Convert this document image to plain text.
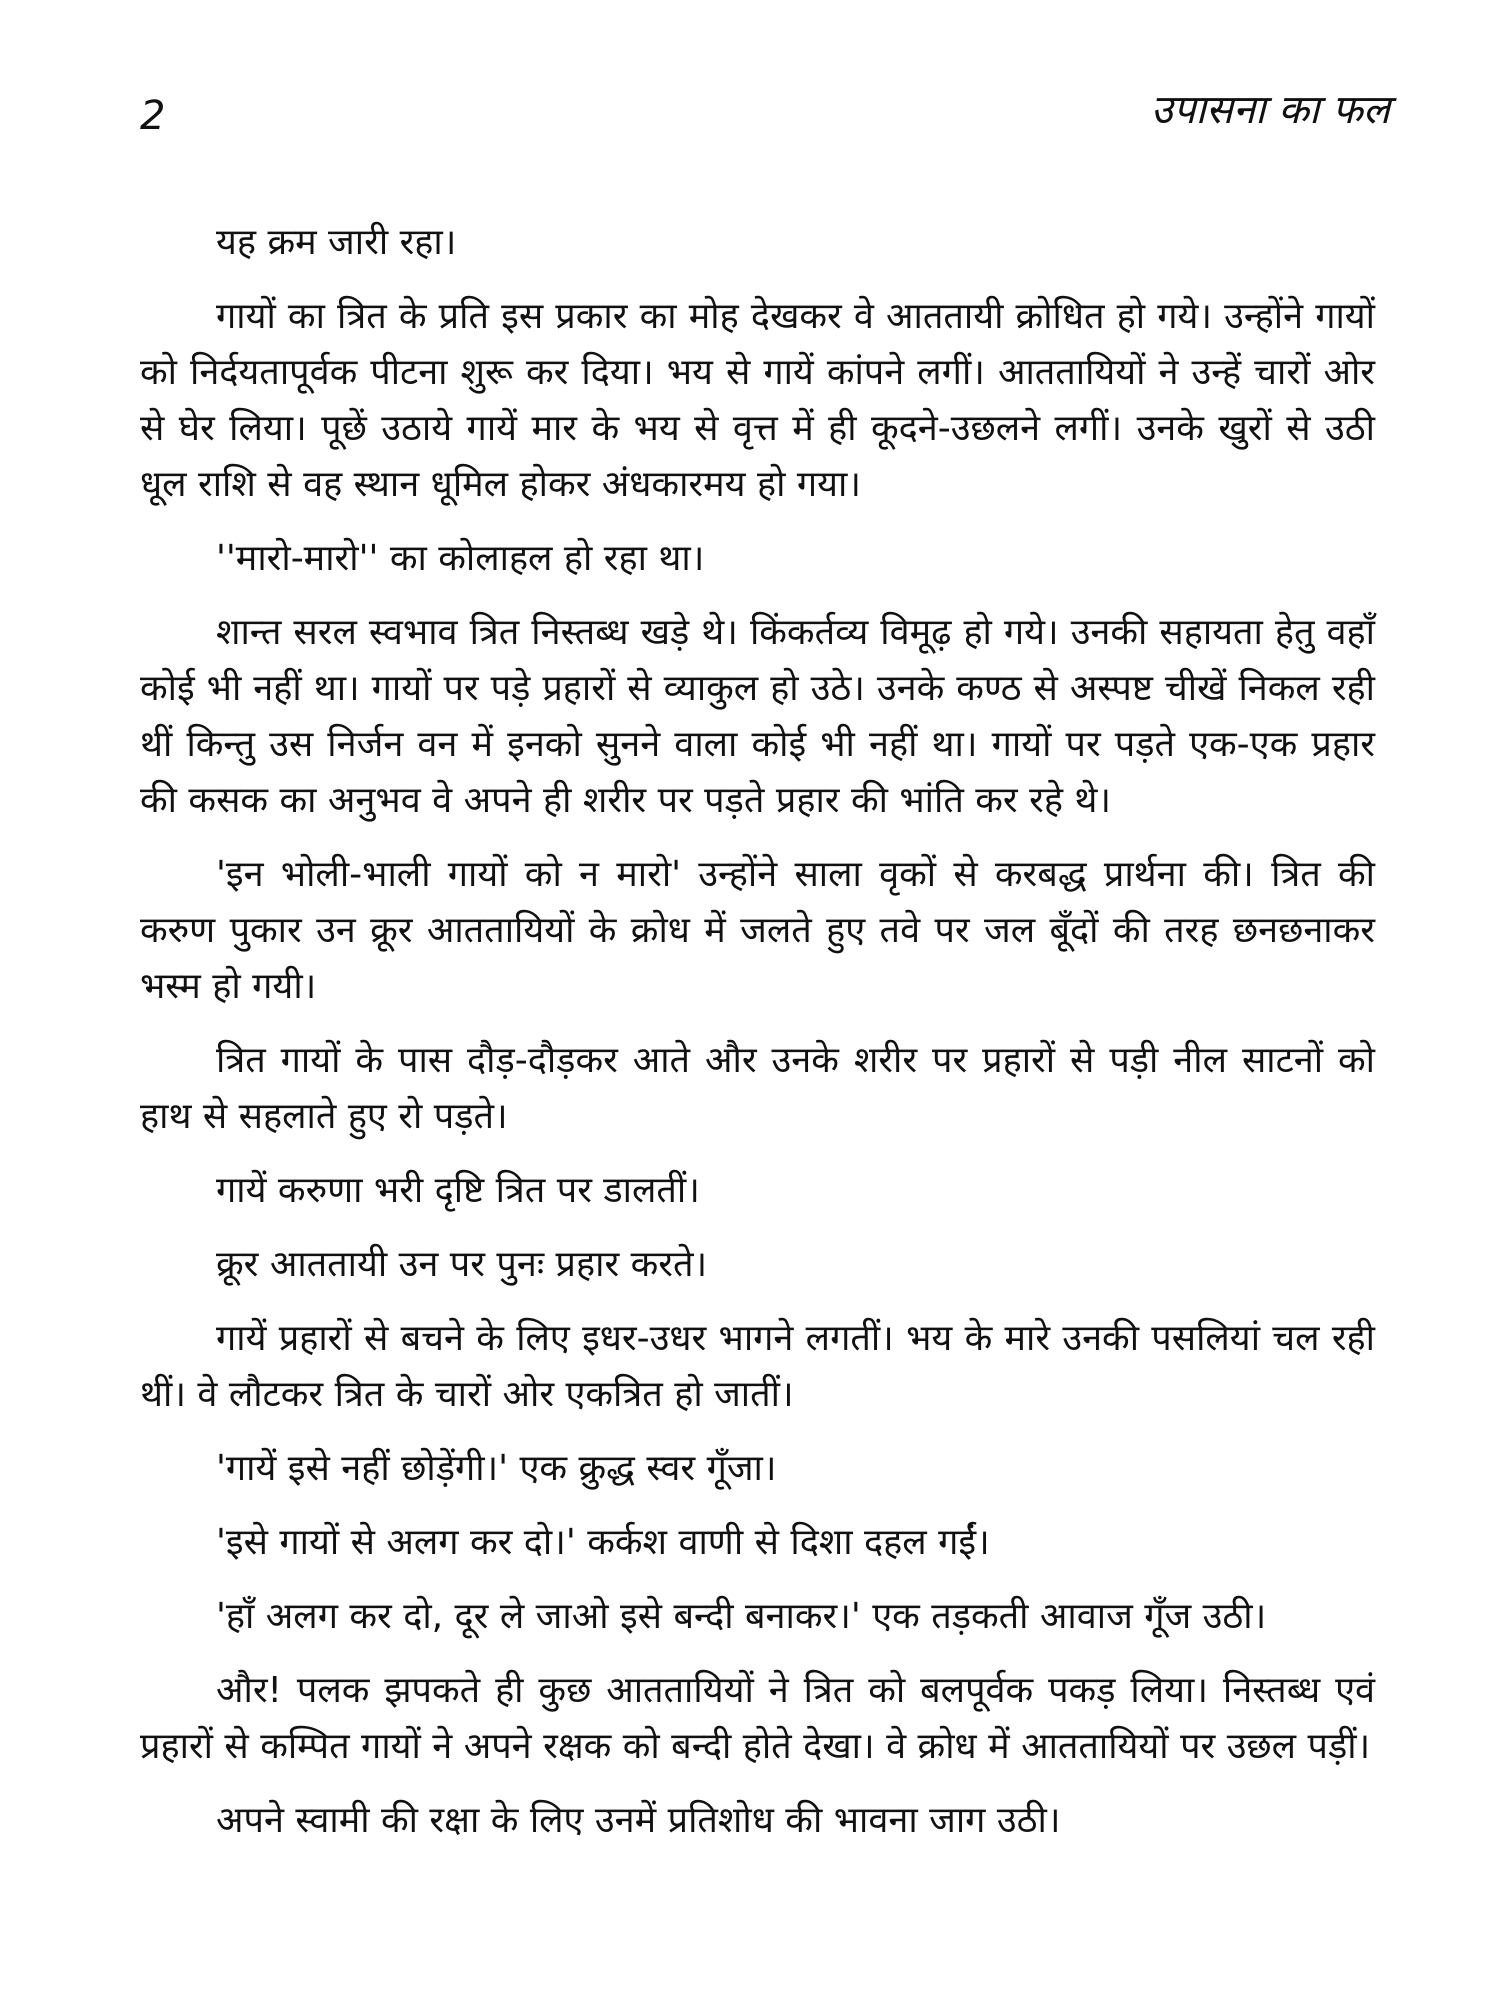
2	उपासना का फल

यह क्रम जारी रहा।

गायों का त्रित के प्रति इस प्रकार का मोह देखकर वे आततायी क्रोधित हो गये। उन्होंने गायों को निर्दयतापूर्वक पीटना शुरू कर दिया। भय से गायें कांपने लगीं। आततायियों ने उन्हें चारों ओर से घेर लिया। पूछें उठाये गायें मार के भय से वृत्त में ही कूदने-उछलने लगीं। उनके खुरों से उठी धूल राशि से वह स्थान धूमिल होकर अंधकारमय हो गया।

''मारो-मारो'' का कोलाहल हो रहा था।

शान्त सरल स्वभाव त्रित निस्तब्ध खड़े थे। किंकर्तव्य विमूढ़ हो गये। उनकी सहायता हेतु वहाँ कोई भी नहीं था। गायों पर पड़े प्रहारों से व्याकुल हो उठे। उनके कण्ठ से अस्पष्ट चीखें निकल रही थीं किन्तु उस निर्जन वन में इनको सुनने वाला कोई भी नहीं था। गायों पर पड़ते एक-एक प्रहार की कसक का अनुभव वे अपने ही शरीर पर पड़ते प्रहार की भांति कर रहे थे।

'इन भोली-भाली गायों को न मारो' उन्होंने साला वृकों से करबद्ध प्रार्थना की। त्रित की करुण पुकार उन क्रूर आततायियों के क्रोध में जलते हुए तवे पर जल बूँदों की तरह छनछनाकर भस्म हो गयी।

त्रित गायों के पास दौड़-दौड़कर आते और उनके शरीर पर प्रहारों से पड़ी नील साटनों को हाथ से सहलाते हुए रो पड़ते।

गायें करुणा भरी दृष्टि त्रित पर डालतीं।

क्रूर आततायी उन पर पुनः प्रहार करते।

गायें प्रहारों से बचने के लिए इधर-उधर भागने लगतीं। भय के मारे उनकी पसलियां चल रही थीं। वे लौटकर त्रित के चारों ओर एकत्रित हो जातीं।

'गायें इसे नहीं छोड़ेंगी।' एक क्रुद्ध स्वर गूँजा।

'इसे गायों से अलग कर दो।' कर्कश वाणी से दिशा दहल गईं।

'हाँ अलग कर दो, दूर ले जाओ इसे बन्दी बनाकर।' एक तड़कती आवाज गूँज उठी।

और! पलक झपकते ही कुछ आततायियों ने त्रित को बलपूर्वक पकड़ लिया। निस्तब्ध एवं प्रहारों से कम्पित गायों ने अपने रक्षक को बन्दी होते देखा। वे क्रोध में आततायियों पर उछल पड़ीं।

अपने स्वामी की रक्षा के लिए उनमें प्रतिशोध की भावना जाग उठी।
